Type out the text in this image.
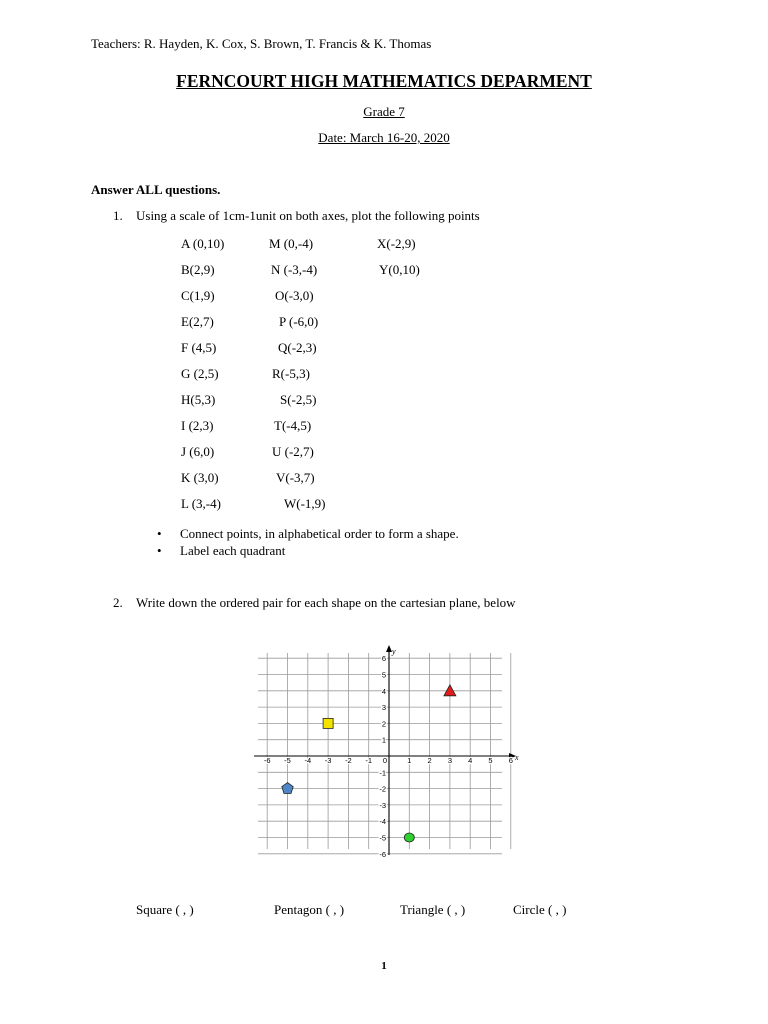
Teachers: R. Hayden, K. Cox, S. Brown, T. Francis & K. Thomas
FERNCOURT HIGH MATHEMATICS DEPARMENT
Grade 7
Date: March 16-20, 2020
Answer ALL questions.
1. Using a scale of 1cm-1unit on both axes, plot the following points
A (0,10)
B(2,9)
C(1,9)
E(2,7)
F (4,5)
G (2,5)
H(5,3)
I (2,3)
J (6,0)
K (3,0)
L (3,-4)
M (0,-4)
N (-3,-4)
O(-3,0)
P (-6,0)
Q(-2,3)
R(-5,3)
S(-2,5)
T(-4,5)
U (-2,7)
V(-3,7)
W(-1,9)
X(-2,9)
Y(0,10)
• Connect points, in alphabetical order to form a shape.
• Label each quadrant
2. Write down the ordered pair for each shape on the cartesian plane, below
-6 -5 -4 -3 -2 -1 0	1 2 3 4 5 6
6
5
4
3
2
1
-1
-2
-3
-4
-5
-6
x
y
Square ( , )	Pentagon ( , )	Triangle ( , )	Circle ( , )
1
